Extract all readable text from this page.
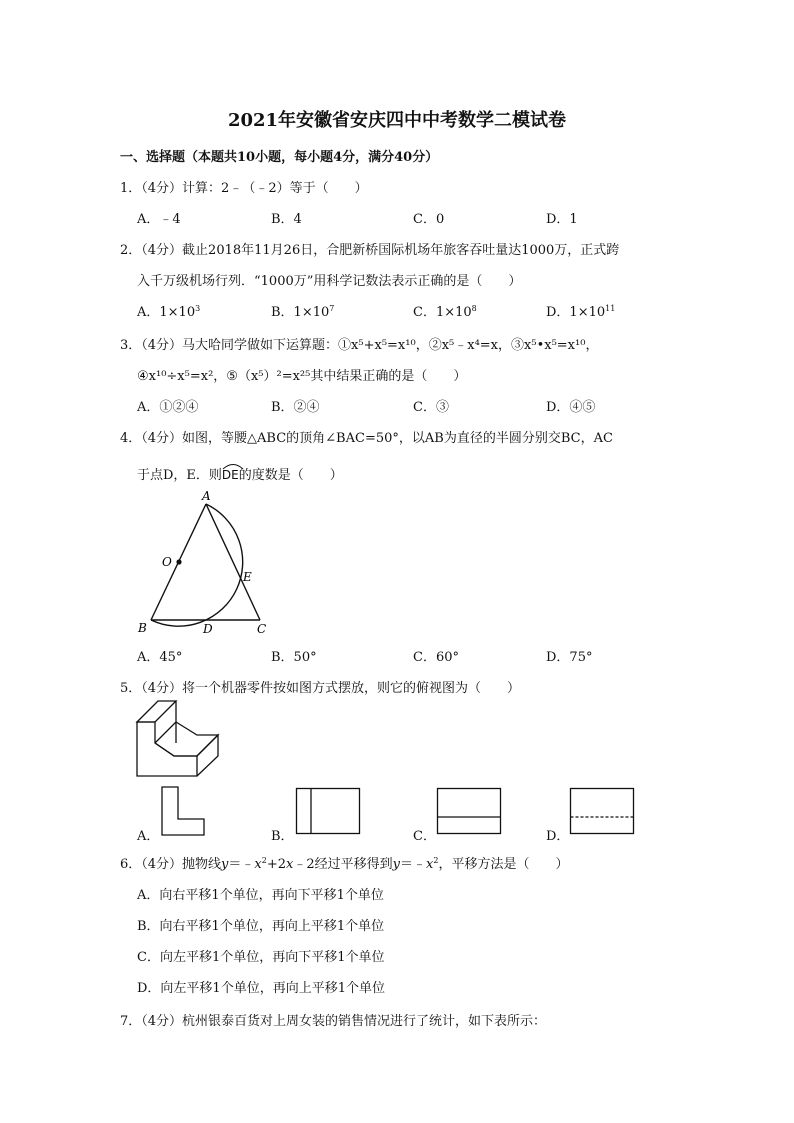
2021年安徽省安庆四中中考数学二模试卷
一、选择题（本题共10小题，每小题4分，满分40分）
1．（4分）计算：2﹣（﹣2）等于（　　）
A．﹣4	B．4	C．0	D．1
2．（4分）截止2018年11月26日，合肥新桥国际机场年旅客吞吐量达1000万，正式跨
入千万级机场行列．“1000万”用科学记数法表示正确的是（　　）
A．$1\times 10^3$	B．$1\times 10^7$	C．$1\times 10^8$	D．$1\times 10^{11}$
3．（4分）马大哈同学做如下运算题：①x⁵+x⁵=x¹⁰，②x⁵﹣x⁴=x，③x⁵•x⁵=x¹⁰，
④x¹⁰÷x⁵=x²，⑤（x⁵）²=x²⁵其中结果正确的是（　　）
A．①②④	B．②④	C．③	D．④⑤
4．（4分）如图，等腰△ABC的顶角∠BAC=50°，以AB为直径的半圆分别交BC，AC
于点D，E．则
DE的度数是（　　）
A
O
E
B	D	C
A．45°	B．50°	C．60°	D．75°
5．（4分）将一个机器零件按如图方式摆放，则它的俯视图为（　　）
A．	B．	C．	D．
6．（4分）抛物线$y=﹣x^2+2x﹣2$经过平移得到$y=﹣x^2$，平移方法是（　　）
A．向右平移1个单位，再向下平移1个单位
B．向右平移1个单位，再向上平移1个单位
C．向左平移1个单位，再向下平移1个单位
D．向左平移1个单位，再向上平移1个单位
7．（4分）杭州银泰百货对上周女装的销售情况进行了统计，如下表所示：
